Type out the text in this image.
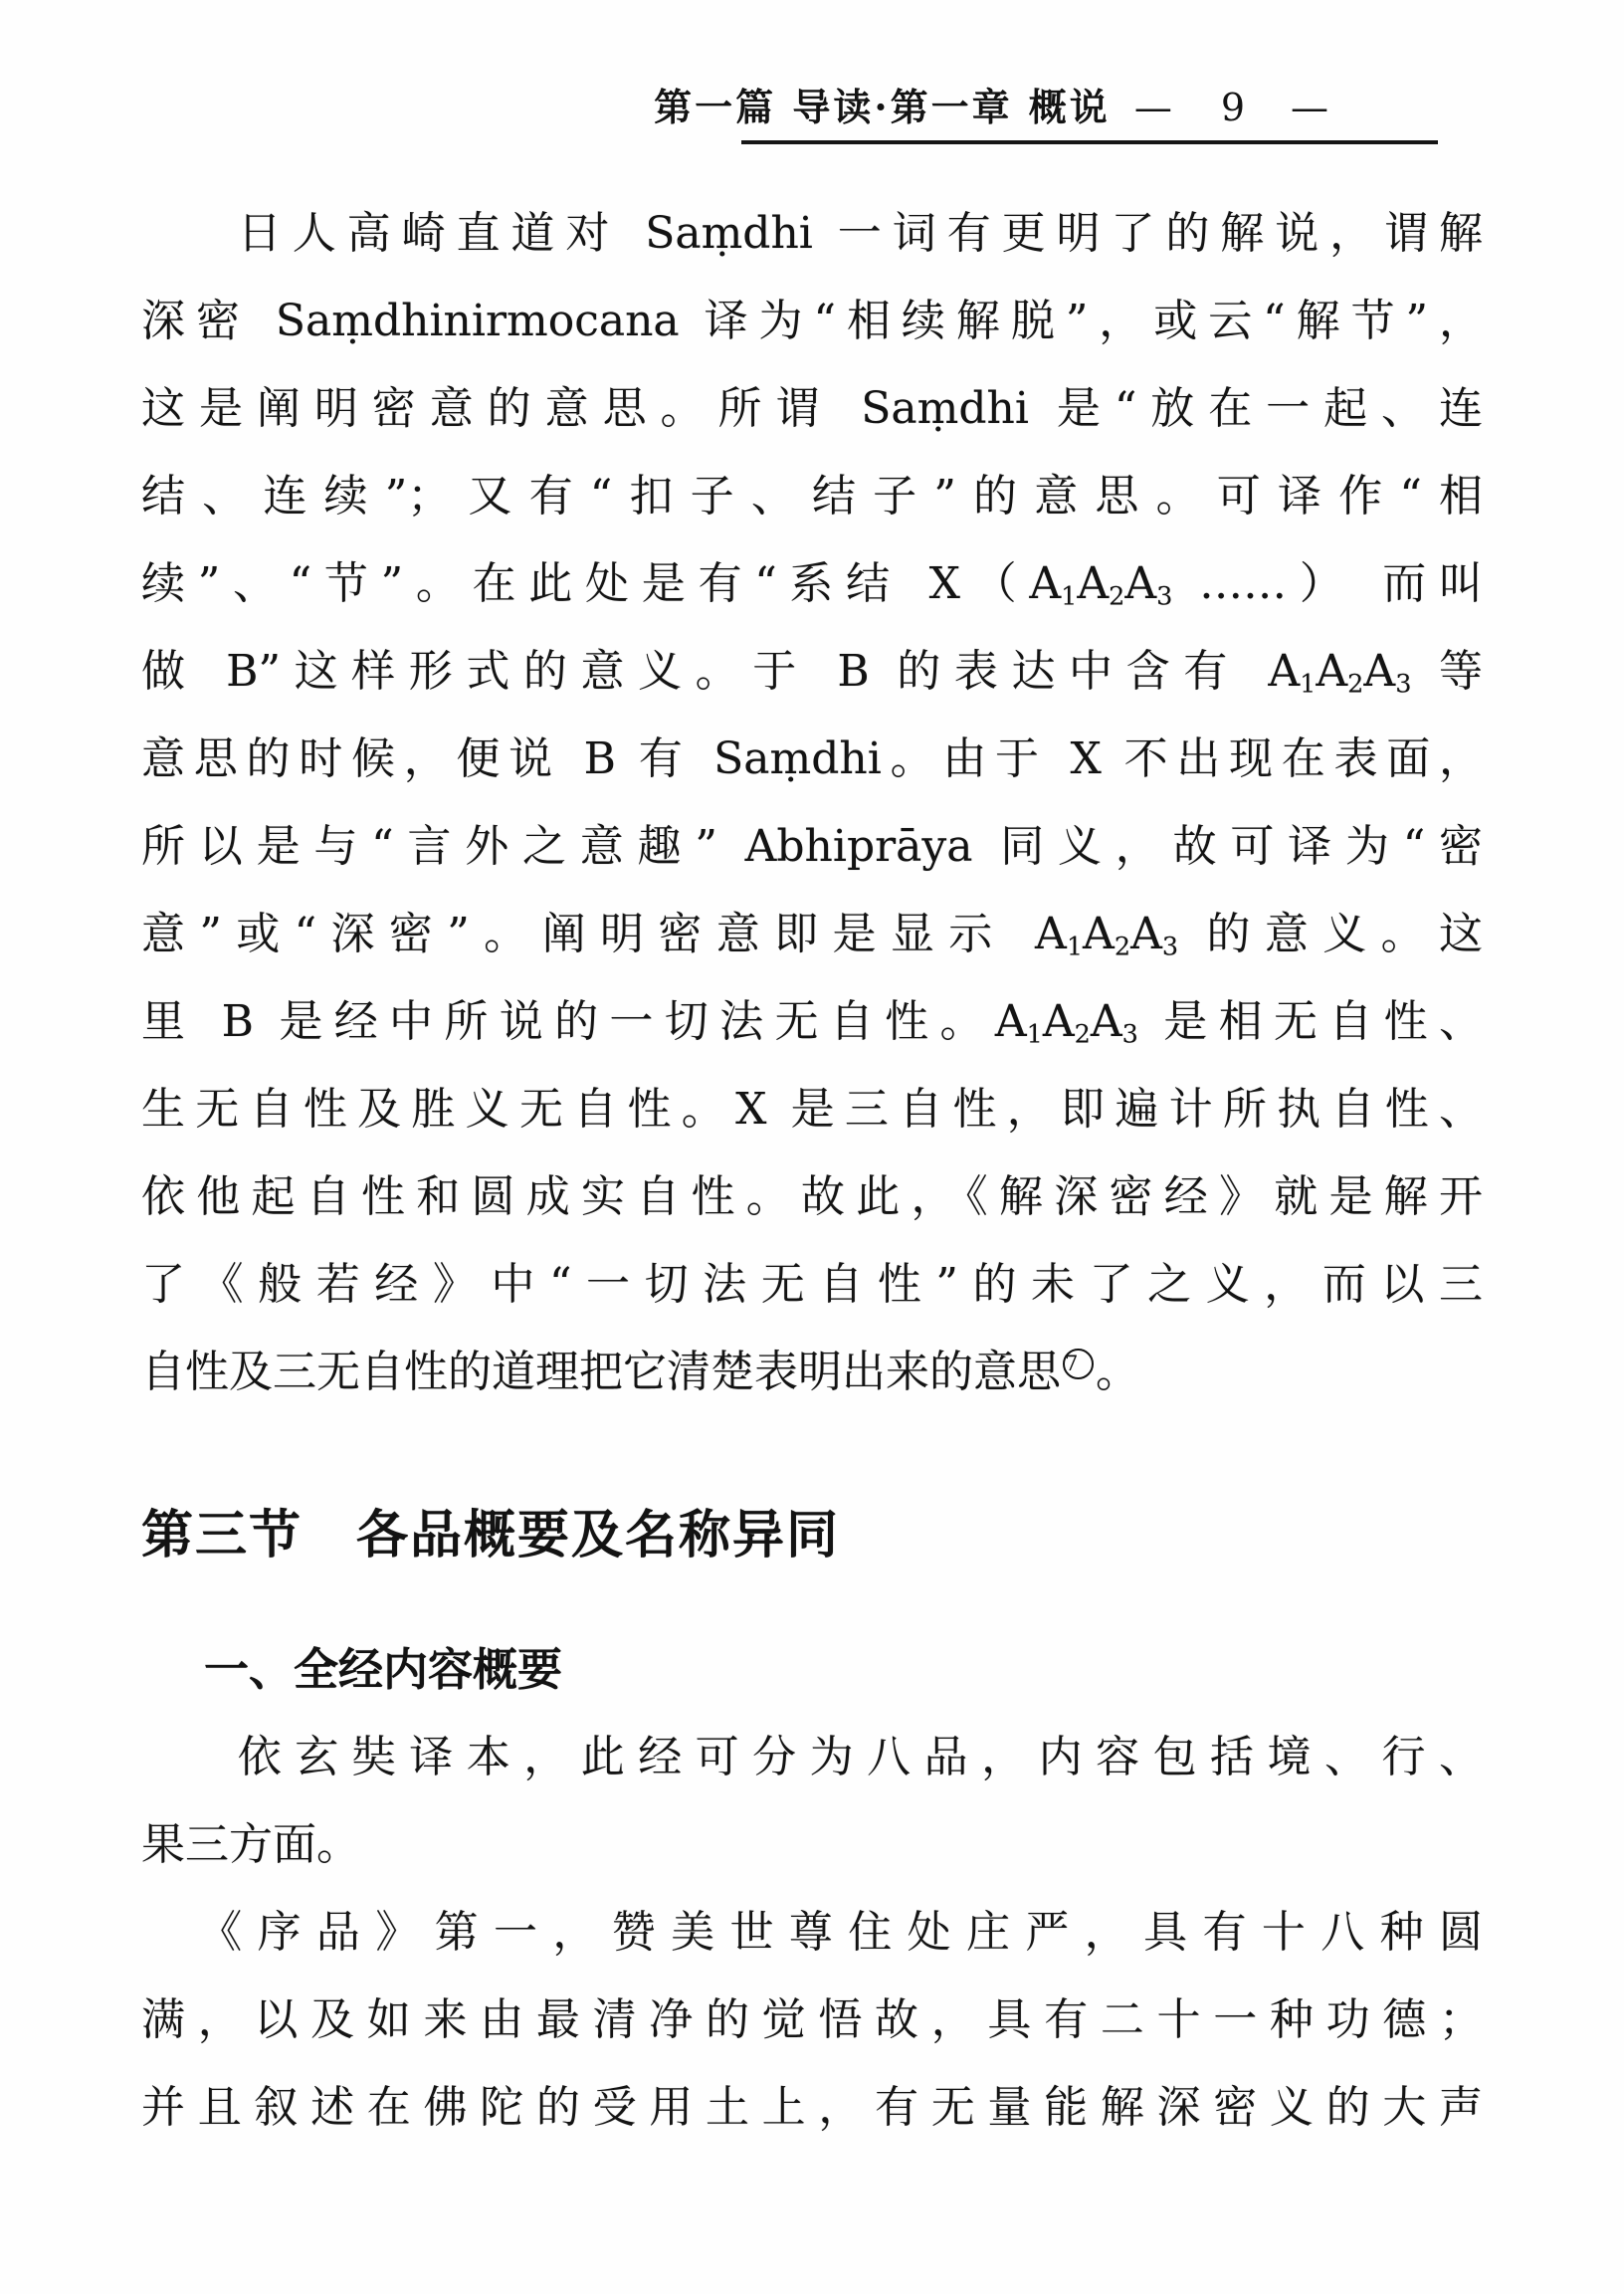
第一篇 导读·第一章 概说 — 9 —
日人高崎直道对 Saṃdhi 一词有更明了的解说，谓解
深密 Saṃdhinirmocana 译为“相续解脱”，或云“解节”，
这是阐明密意的意思。所谓 Saṃdhi 是“放在一起、连
结、连续”；又有“扣子、结子”的意思。可译作“相
续”、“节”。在此处是有“系结 $X(A_1A_2A_3$ ……） 而叫
做 B”这样形式的意义。于 B 的表达中含有 $A_1A_2A_3$ 等
意思的时候，便说 B 有 Saṃdhi。由于 X 不出现在表面，
所以是与“言外之意趣” Abhiprāya 同义，故可译为“密
意”或“深密”。阐明密意即是显示 $A_1A_2A_3$ 的意义。这
里 B 是经中所说的一切法无自性。$A_1A_2A_3$ 是相无自性、
生无自性及胜义无自性。X 是三自性，即遍计所执自性、
依他起自性和圆成实自性。故此，《解深密经》就是解开
了《般若经》中“一切法无自性”的未了之义，而以三
自性及三无自性的道理把它清楚表明出来的意思 $^7$ 。
第三节　各品概要及名称异同
一、全经内容概要
依玄奘译本，此经可分为八品，内容包括境、行、
果三方面。
《序品》第一，赞美世尊住处庄严，具有十八种圆
满，以及如来由最清净的觉悟故，具有二十一种功德；
并且叙述在佛陀的受用土上，有无量能解深密义的大声
